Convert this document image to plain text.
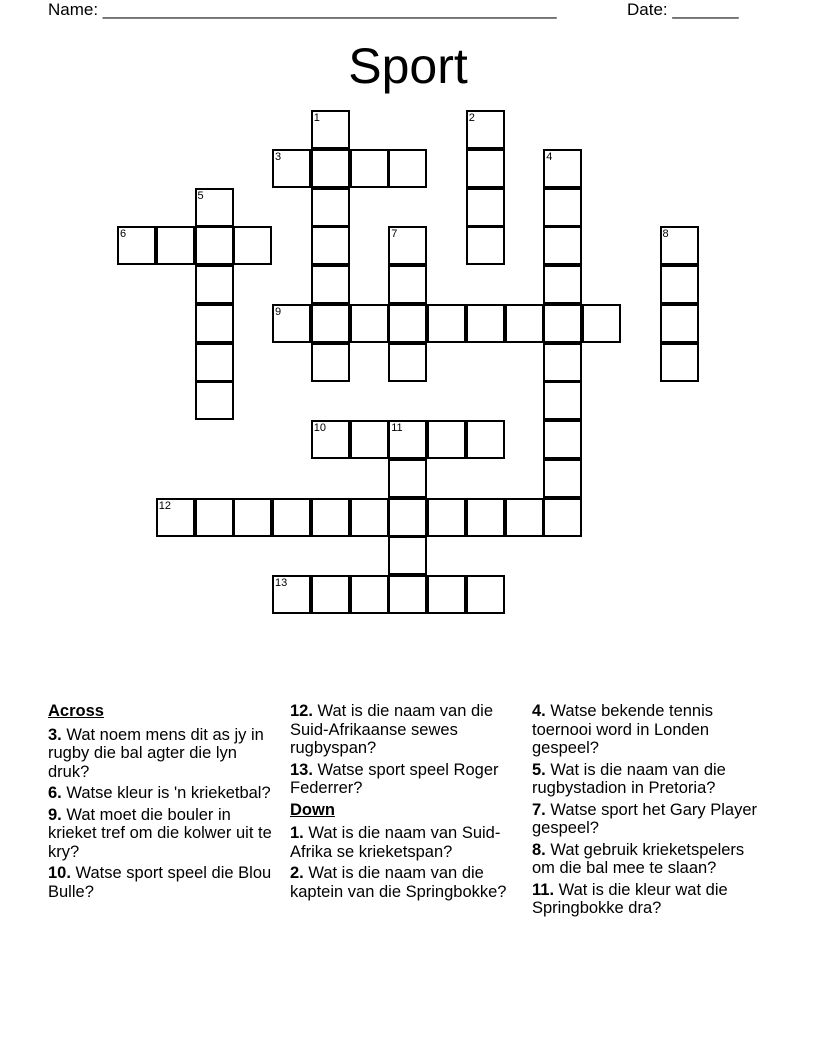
Name: ________________________________________________	Date: _______
Sport
1	2
3	4
5
6	7	8
9
10	11
12
13
Across
3. Wat noem mens dit as jy in rugby die bal agter die lyn druk?
6. Watse kleur is 'n krieketbal?
9. Wat moet die bouler in krieket tref om die kolwer uit te kry?
10. Watse sport speel die Blou Bulle?
12. Wat is die naam van die Suid-Afrikaanse sewes rugbyspan?
13. Watse sport speel Roger Federrer?
Down
1. Wat is die naam van Suid-Afrika se krieketspan?
2. Wat is die naam van die kaptein van die Springbokke?
4. Watse bekende tennis toernooi word in Londen gespeel?
5. Wat is die naam van die rugbystadion in Pretoria?
7. Watse sport het Gary Player gespeel?
8. Wat gebruik krieketspelers om die bal mee te slaan?
11. Wat is die kleur wat die Springbokke dra?
